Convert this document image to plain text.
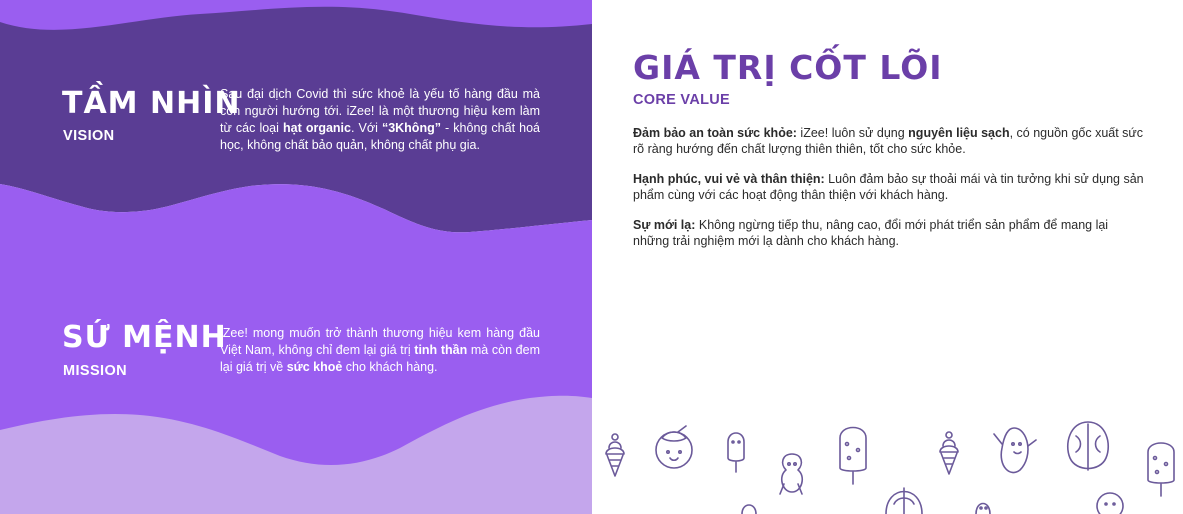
TẦM NHÌN
VISION
Sau đại dịch Covid thì sức khoẻ là yếu tố hàng đầu mà con người hướng tới. iZee! là một thương hiệu kem làm từ các loại hạt organic. Với “3Không” - không chất hoá học, không chất bảo quản, không chất phụ gia.
SỨ MỆNH
MISSION
iZee! mong muốn trở thành thương hiệu kem hàng đầu Việt Nam, không chỉ đem lại giá trị tinh thần mà còn đem lại giá trị về sức khoẻ cho khách hàng.
GIÁ TRỊ CỐT LÕI
CORE VALUE
Đảm bảo an toàn sức khỏe: iZee! luôn sử dụng nguyên liệu sạch, có nguồn gốc xuất sức rõ ràng hướng đến chất lượng thiên thiên, tốt cho sức khỏe.
Hạnh phúc, vui vẻ và thân thiện: Luôn đảm bảo sự thoải mái và tin tưởng khi sử dụng sản phẩm cùng với các hoạt động thân thiện với khách hàng.
Sự mới lạ: Không ngừng tiếp thu, nâng cao, đổi mới phát triển sản phẩm để mang lại những trải nghiệm mới lạ dành cho khách hàng.
